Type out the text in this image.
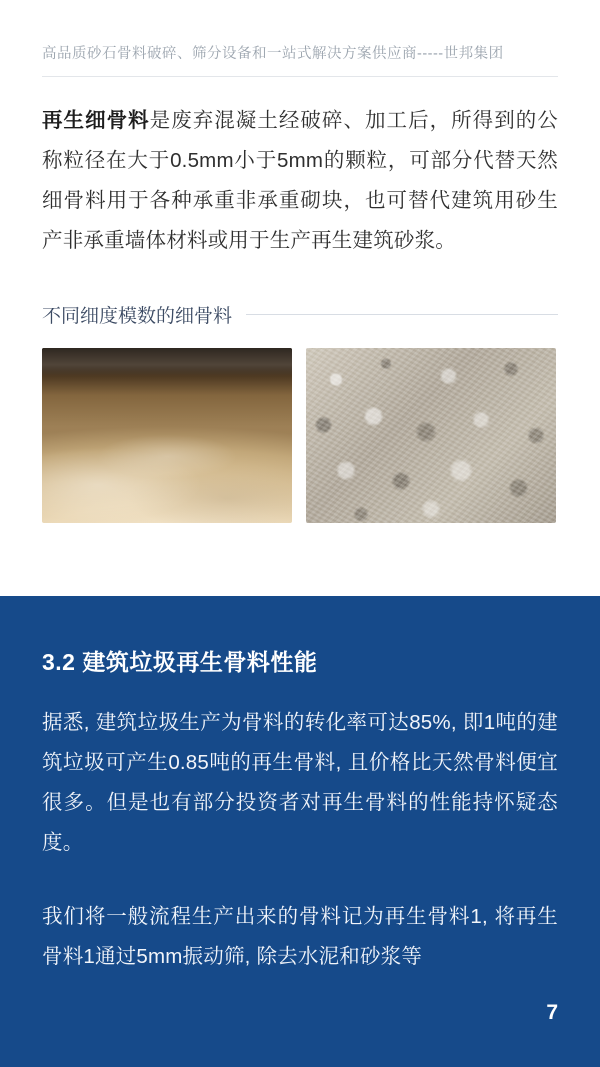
高品质砂石骨料破碎、筛分设备和一站式解决方案供应商-----世邦集团

再生细骨料是废弃混凝土经破碎、加工后，所得到的公称粒径在大于0.5mm小于5mm的颗粒，可部分代替天然细骨料用于各种承重非承重砌块，也可替代建筑用砂生产非承重墙体材料或用于生产再生建筑砂浆。

不同细度模数的细骨料
3.2 建筑垃圾再生骨料性能

据悉, 建筑垃圾生产为骨料的转化率可达85%, 即1吨的建筑垃圾可产生0.85吨的再生骨料, 且价格比天然骨料便宜很多。但是也有部分投资者对再生骨料的性能持怀疑态度。

我们将一般流程生产出来的骨料记为再生骨料1, 将再生骨料1通过5mm振动筛, 除去水泥和砂浆等

7
